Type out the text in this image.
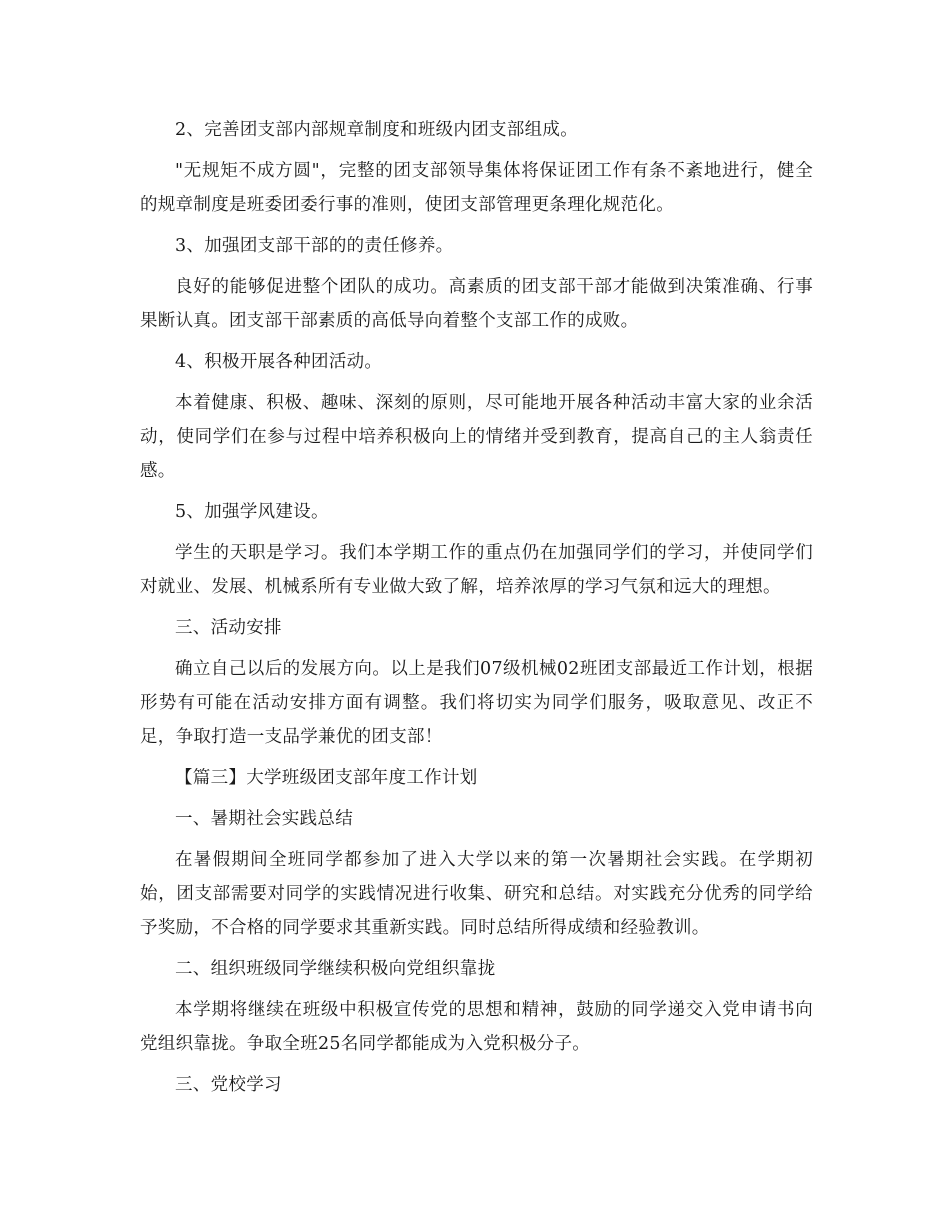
2、完善团支部内部规章制度和班级内团支部组成。

"无规矩不成方圆"，完整的团支部领导集体将保证团工作有条不紊地进行，健全的规章制度是班委团委行事的准则，使团支部管理更条理化规范化。

3、加强团支部干部的的责任修养。

良好的能够促进整个团队的成功。高素质的团支部干部才能做到决策准确、行事果断认真。团支部干部素质的高低导向着整个支部工作的成败。

4、积极开展各种团活动。

本着健康、积极、趣味、深刻的原则，尽可能地开展各种活动丰富大家的业余活动，使同学们在参与过程中培养积极向上的情绪并受到教育，提高自己的主人翁责任感。

5、加强学风建设。

学生的天职是学习。我们本学期工作的重点仍在加强同学们的学习，并使同学们对就业、发展、机械系所有专业做大致了解，培养浓厚的学习气氛和远大的理想。

三、活动安排

确立自己以后的发展方向。以上是我们07级机械02班团支部最近工作计划，根据形势有可能在活动安排方面有调整。我们将切实为同学们服务，吸取意见、改正不足，争取打造一支品学兼优的团支部！

【篇三】大学班级团支部年度工作计划

一、暑期社会实践总结

在暑假期间全班同学都参加了进入大学以来的第一次暑期社会实践。在学期初始，团支部需要对同学的实践情况进行收集、研究和总结。对实践充分优秀的同学给予奖励，不合格的同学要求其重新实践。同时总结所得成绩和经验教训。

二、组织班级同学继续积极向党组织靠拢

本学期将继续在班级中积极宣传党的思想和精神，鼓励的同学递交入党申请书向党组织靠拢。争取全班25名同学都能成为入党积极分子。

三、党校学习
